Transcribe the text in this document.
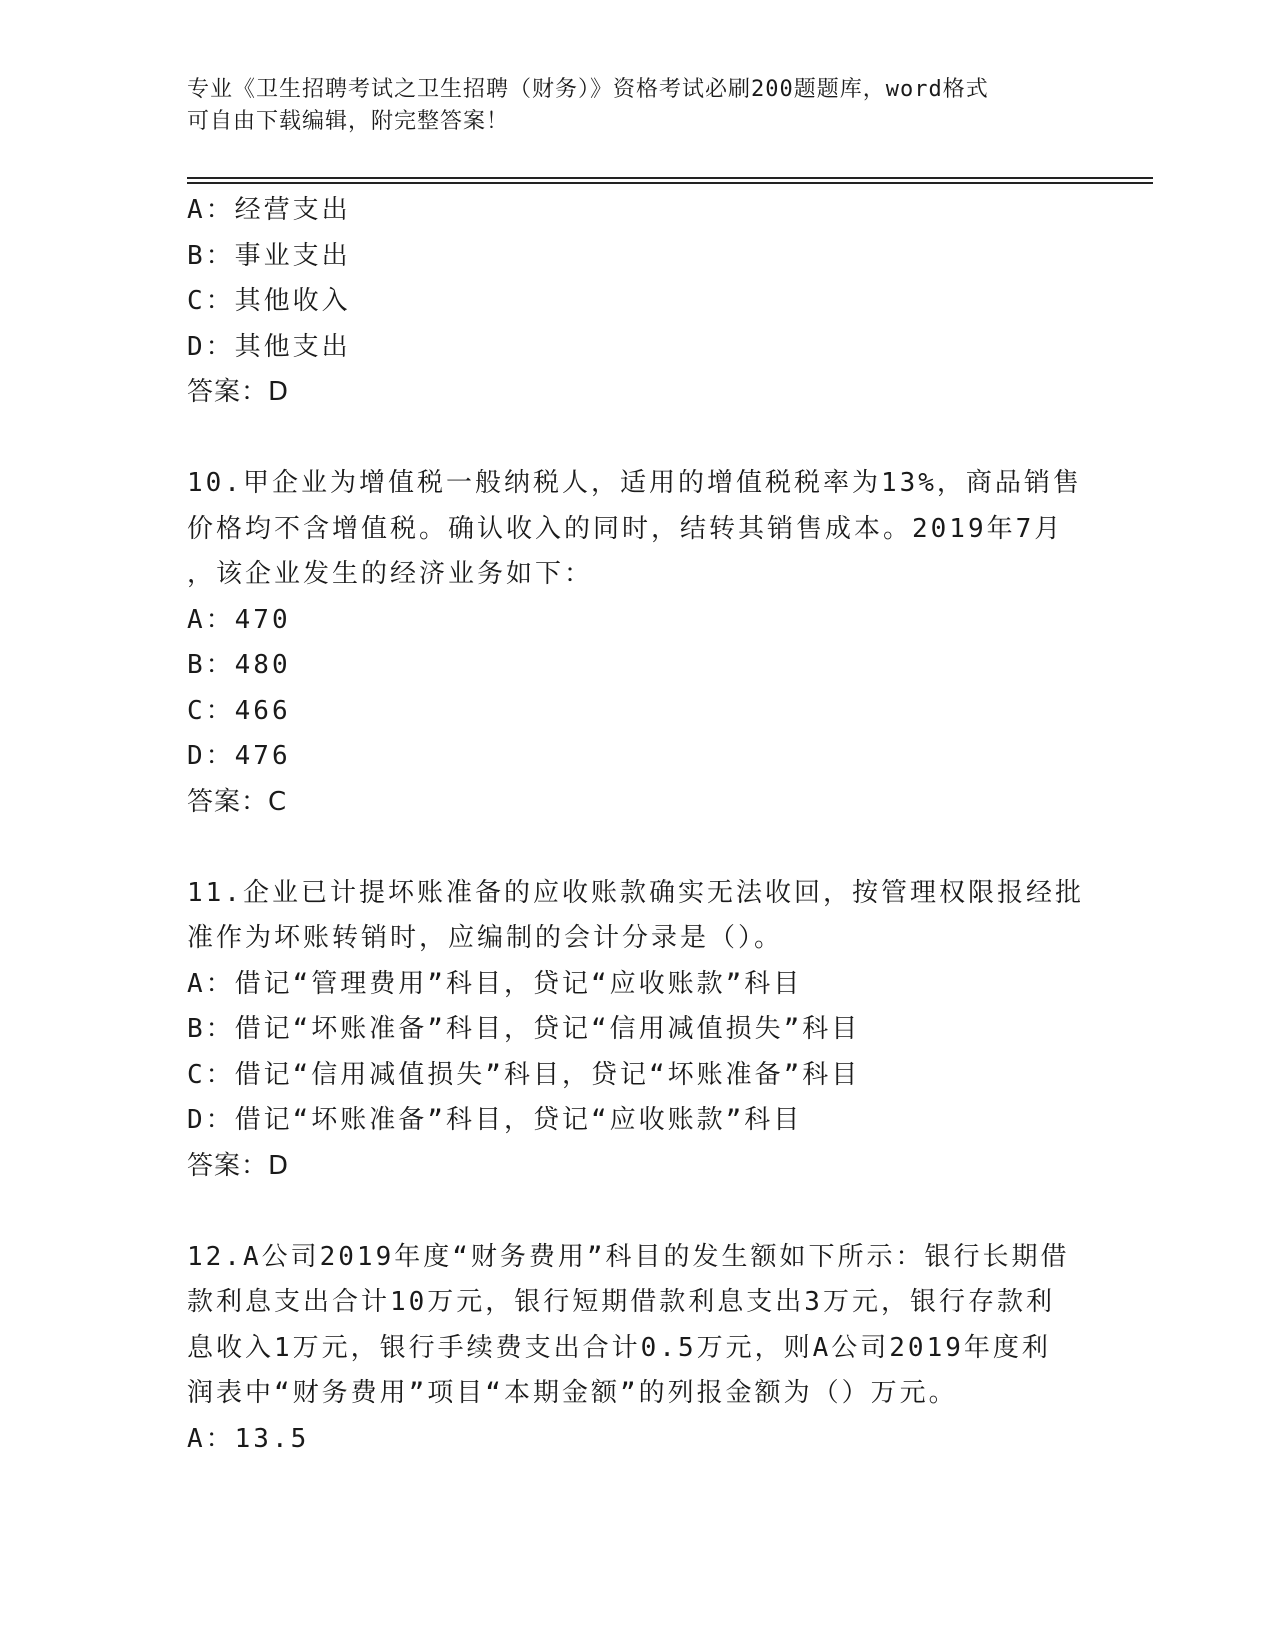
专业《卫生招聘考试之卫生招聘（财务）》资格考试必刷200题题库，word格式
可自由下载编辑，附完整答案！
A：经营支出
B：事业支出
C：其他收入
D：其他支出
答案：D
10.甲企业为增值税一般纳税人，适用的增值税税率为13%，商品销售
价格均不含增值税。确认收入的同时，结转其销售成本。2019年7月
，该企业发生的经济业务如下：
A：470
B：480
C：466
D：476
答案：C
11.企业已计提坏账准备的应收账款确实无法收回，按管理权限报经批
准作为坏账转销时，应编制的会计分录是（）。
A：借记“管理费用”科目，贷记“应收账款”科目
B：借记“坏账准备”科目，贷记“信用减值损失”科目
C：借记“信用减值损失”科目，贷记“坏账准备”科目
D：借记“坏账准备”科目，贷记“应收账款”科目
答案：D
12.A公司2019年度“财务费用”科目的发生额如下所示：银行长期借
款利息支出合计10万元，银行短期借款利息支出3万元，银行存款利
息收入1万元，银行手续费支出合计0.5万元，则A公司2019年度利
润表中“财务费用”项目“本期金额”的列报金额为（）万元。
A：13.5
